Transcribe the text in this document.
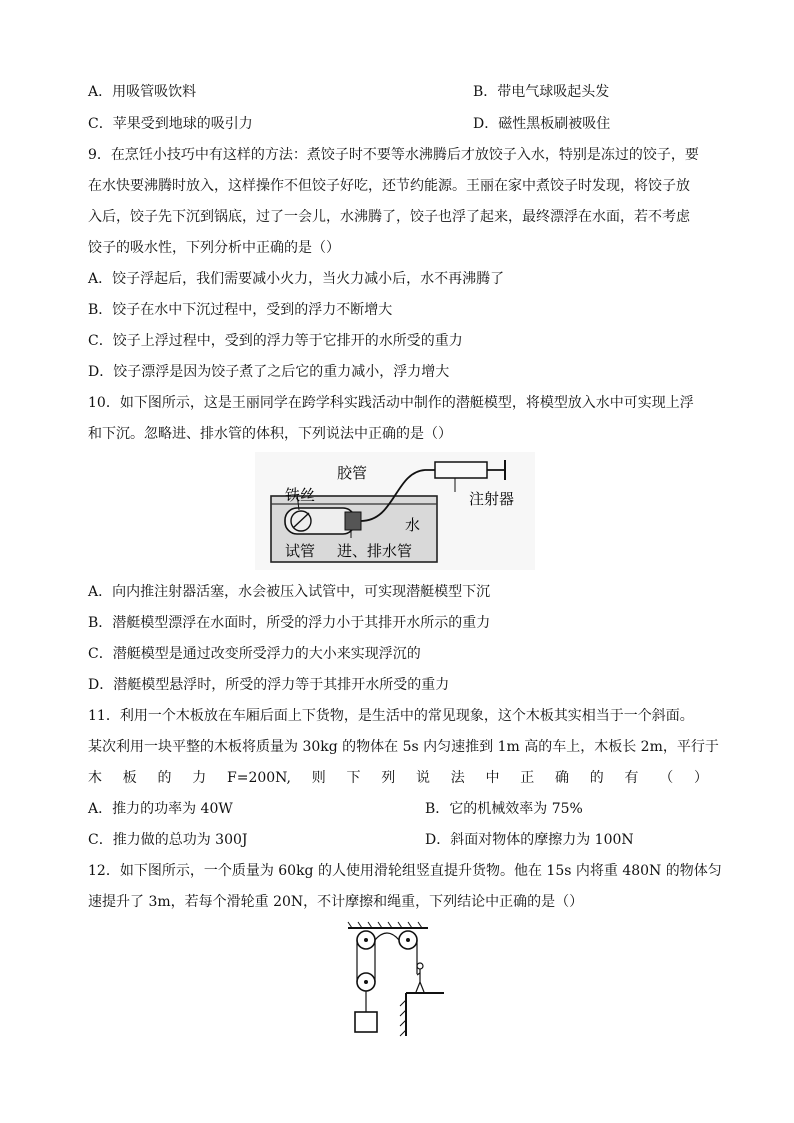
A．用吸管吸饮料	B．带电气球吸起头发
C．苹果受到地球的吸引力	D．磁性黑板刷被吸住
9．在烹饪小技巧中有这样的方法：煮饺子时不要等水沸腾后才放饺子入水，特别是冻过的饺子，要
在水快要沸腾时放入，这样操作不但饺子好吃，还节约能源。王丽在家中煮饺子时发现，将饺子放
入后，饺子先下沉到锅底，过了一会儿，水沸腾了，饺子也浮了起来，最终漂浮在水面，若不考虑
饺子的吸水性，下列分析中正确的是（）
A．饺子浮起后，我们需要减小火力，当火力减小后，水不再沸腾了
B．饺子在水中下沉过程中，受到的浮力不断增大
C．饺子上浮过程中，受到的浮力等于它排开的水所受的重力
D．饺子漂浮是因为饺子煮了之后它的重力减小，浮力增大
10．如下图所示，这是王丽同学在跨学科实践活动中制作的潜艇模型，将模型放入水中可实现上浮
和下沉。忽略进、排水管的体积，下列说法中正确的是（）
胶管
注射器
铁丝
水
试管 进、排水管
A．向内推注射器活塞，水会被压入试管中，可实现潜艇模型下沉
B．潜艇模型漂浮在水面时，所受的浮力小于其排开水所示的重力
C．潜艇模型是通过改变所受浮力的大小来实现浮沉的
D．潜艇模型悬浮时，所受的浮力等于其排开水所受的重力
11．利用一个木板放在车厢后面上下货物，是生活中的常见现象，这个木板其实相当于一个斜面。
某次利用一块平整的木板将质量为 30kg 的物体在 5s 内匀速推到 1m 高的车上，木板长 2m，平行于
木 板 的 力 F=200N, 则 下 列 说 法 中 正 确 的 有 （ ）
A．推力的功率为 40W	B．它的机械效率为 75%
C．推力做的总功为 300J	D．斜面对物体的摩擦力为 100N
12．如下图所示，一个质量为 60kg 的人使用滑轮组竖直提升货物。他在 15s 内将重 480N 的物体匀
速提升了 3m，若每个滑轮重 20N，不计摩擦和绳重，下列结论中正确的是（）
